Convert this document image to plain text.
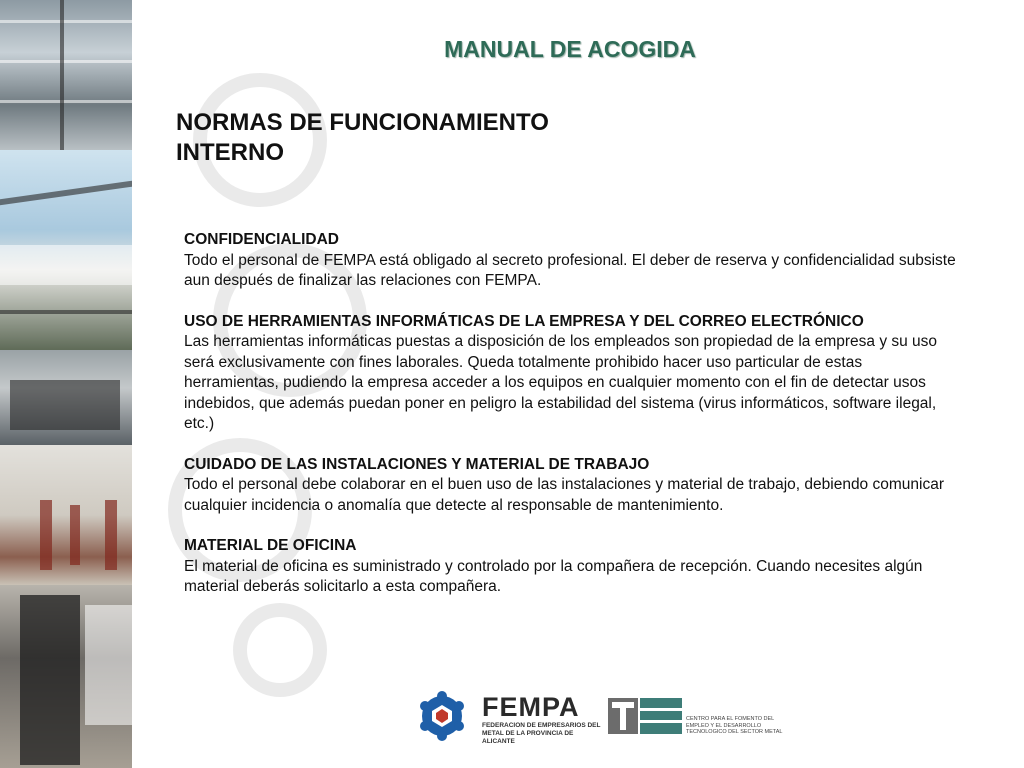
MANUAL DE ACOGIDA
NORMAS DE FUNCIONAMIENTO
INTERNO
CONFIDENCIALIDAD

Todo el personal de FEMPA está obligado al secreto profesional. El deber de reserva y confidencialidad subsiste aun después de finalizar las relaciones con FEMPA.

USO DE HERRAMIENTAS INFORMÁTICAS DE LA EMPRESA Y DEL CORREO ELECTRÓNICO

Las herramientas informáticas puestas a disposición de los empleados son propiedad de la empresa y su uso será exclusivamente con fines laborales. Queda totalmente prohibido hacer uso particular de estas herramientas, pudiendo la empresa acceder a los equipos en cualquier momento con el fin de detectar usos indebidos, que además puedan poner en peligro la estabilidad del sistema (virus informáticos, software ilegal, etc.)

CUIDADO DE LAS INSTALACIONES Y MATERIAL DE TRABAJO

Todo el personal debe colaborar en el buen uso de las instalaciones y material de trabajo, debiendo comunicar cualquier incidencia o anomalía que detecte al responsable de mantenimiento.

MATERIAL DE OFICINA

El material de oficina es suministrado y controlado por la compañera de recepción. Cuando necesites algún material deberás solicitarlo a esta compañera.

FEMPA
FEDERACION DE EMPRESARIOS DEL METAL DE LA PROVINCIA DE ALICANTE
CENTRO PARA EL FOMENTO DEL EMPLEO Y EL DESARROLLO TECNOLOGICO DEL SECTOR METAL
